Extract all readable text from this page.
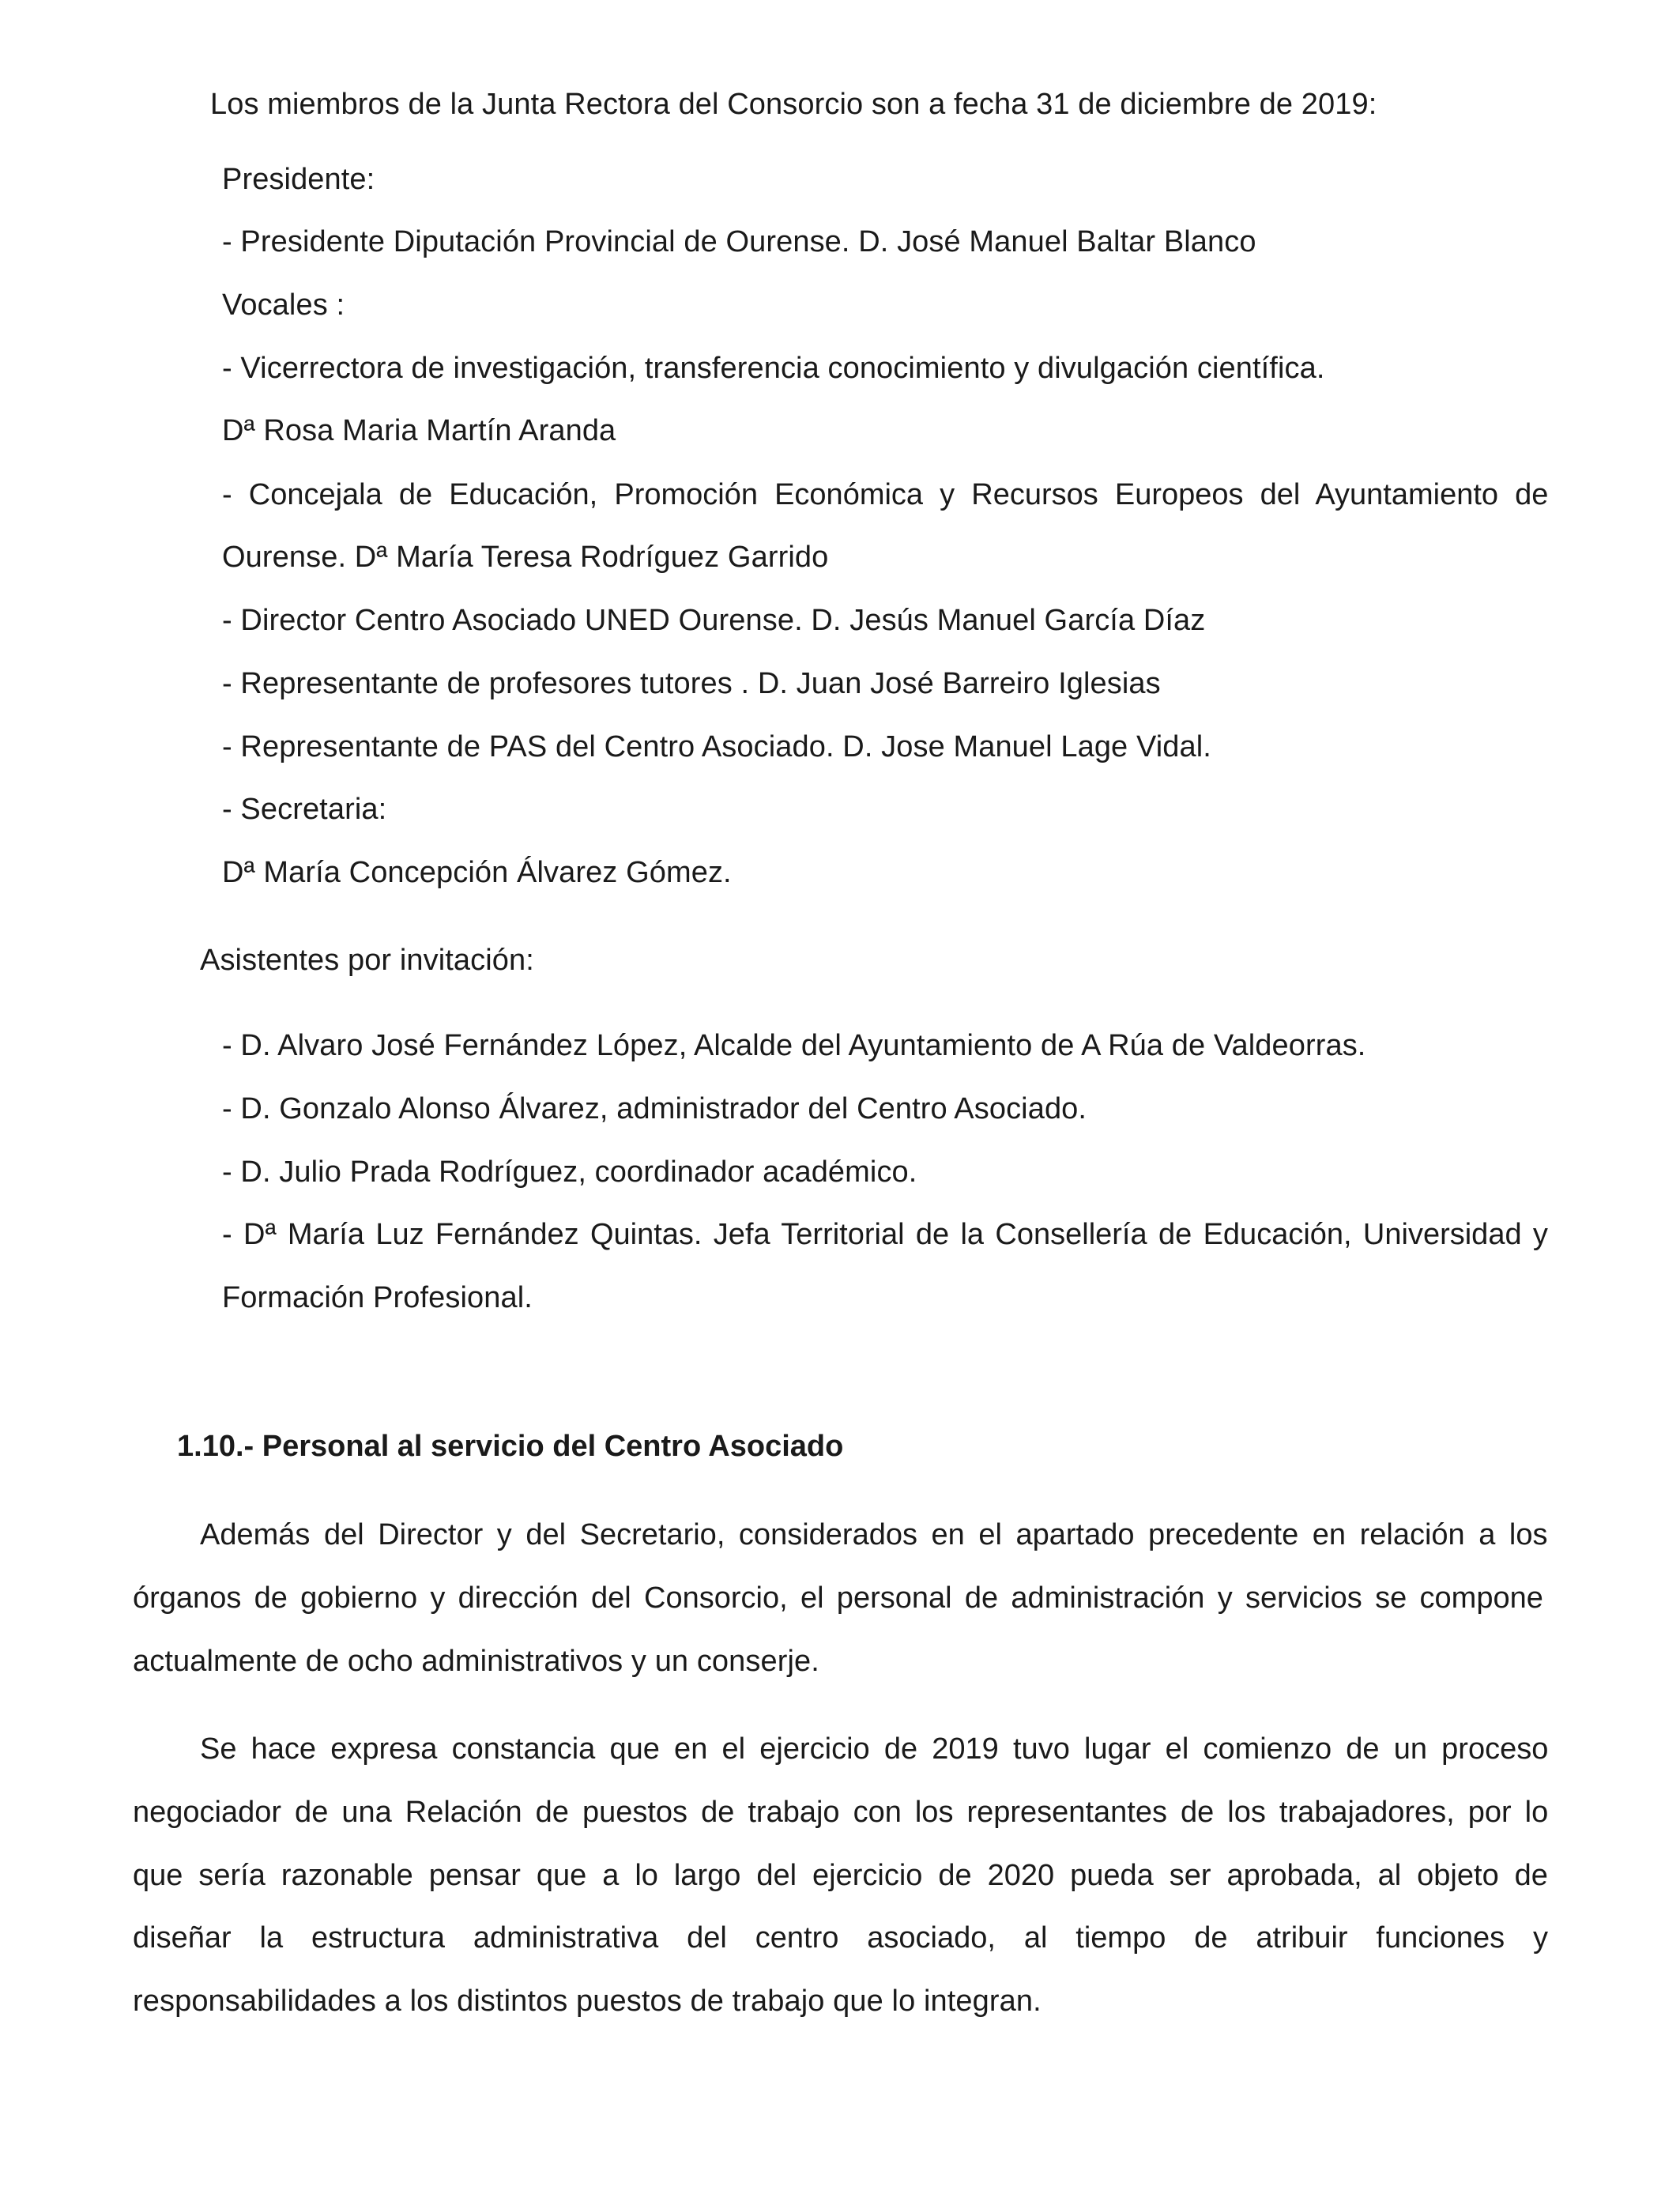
Los miembros de la Junta Rectora del Consorcio son a fecha 31 de diciembre de 2019:
Presidente:
- Presidente Diputación Provincial de Ourense. D. José Manuel Baltar Blanco
Vocales :
- Vicerrectora de investigación, transferencia conocimiento y divulgación científica.
Dª Rosa Maria Martín Aranda
- Concejala de Educación, Promoción Económica y Recursos Europeos del Ayuntamiento de
Ourense. Dª María Teresa Rodríguez Garrido
- Director Centro Asociado UNED Ourense. D. Jesús Manuel García Díaz
- Representante de profesores tutores . D. Juan José Barreiro Iglesias
- Representante de PAS del Centro Asociado. D. Jose Manuel Lage Vidal.
- Secretaria:
Dª María Concepción Álvarez Gómez.
Asistentes por invitación:
- D. Alvaro José Fernández López, Alcalde del Ayuntamiento de A Rúa de Valdeorras.
- D. Gonzalo Alonso Álvarez, administrador del Centro Asociado.
- D. Julio Prada Rodríguez, coordinador académico.
- Dª María Luz Fernández Quintas. Jefa Territorial de la Consellería de Educación, Universidad y
Formación Profesional.
1.10.- Personal al servicio del Centro Asociado
Además del Director y del Secretario, considerados en el apartado precedente en relación a los
órganos de gobierno y dirección del Consorcio, el personal de administración y servicios se compone
actualmente de ocho administrativos y un conserje.
Se hace expresa constancia que en el ejercicio de 2019 tuvo lugar el comienzo de un proceso
negociador de una Relación de puestos de trabajo con los representantes de los trabajadores, por lo
que sería razonable pensar que a lo largo del ejercicio de 2020 pueda ser aprobada, al objeto de
diseñar la estructura administrativa del centro asociado, al tiempo de atribuir funciones y
responsabilidades a los distintos puestos de trabajo que lo integran.
